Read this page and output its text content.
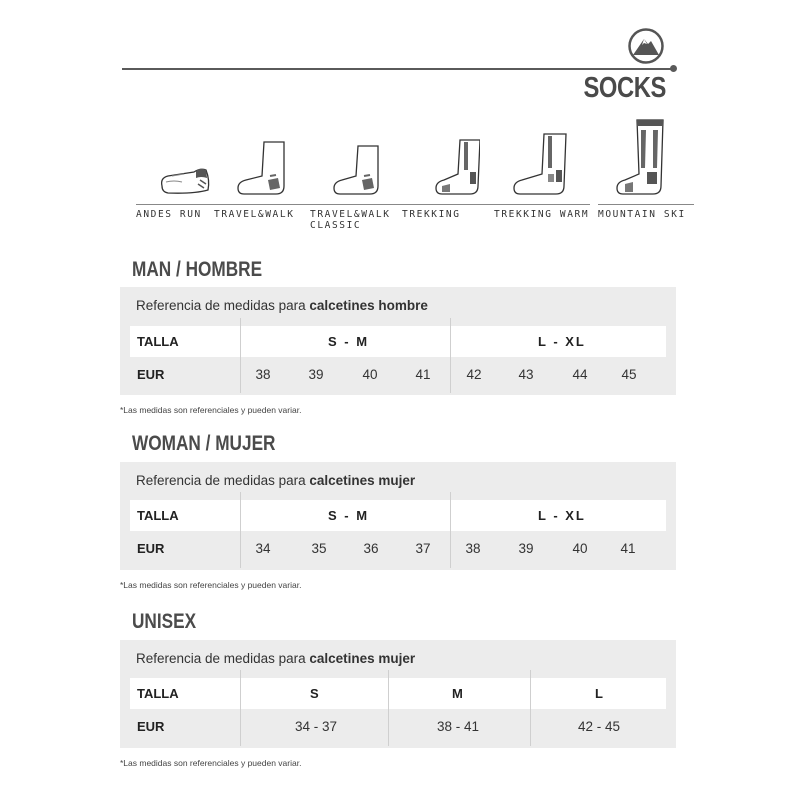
SOCKS
ANDES RUN	TRAVEL&WALK	TRAVEL&WALK
CLASSIC
TREKKING	TREKKING WARM MOUNTAIN SKI
MAN / HOMBRE
Referencia de medidas para calcetines hombre
TALLA	S - M	L - XL
EUR	38	39	40	41	42	43	44	45
*Las medidas son referenciales y pueden variar.
WOMAN / MUJER
Referencia de medidas para calcetines mujer
TALLA	S - M	L - XL
EUR	34	35	36	37	38	39	40	41
*Las medidas son referenciales y pueden variar.
UNISEX
Referencia de medidas para calcetines mujer
TALLA	S	M	L
EUR	34 - 37	38 - 41	42 - 45
*Las medidas son referenciales y pueden variar.
